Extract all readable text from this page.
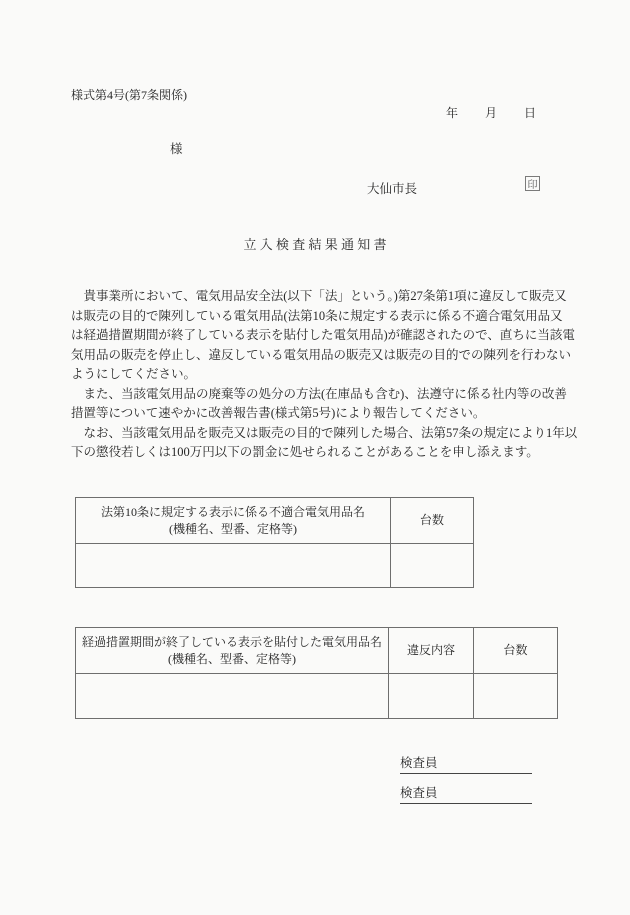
様式第4号(第7条関係)
年 月 日
様
大仙市長	印
立 入 検 査 結 果 通 知 書
　貴事業所において、電気用品安全法(以下「法」という。)第27条第1項に違反して販売又
は販売の目的で陳列している電気用品(法第10条に規定する表示に係る不適合電気用品又
は経過措置期間が終了している表示を貼付した電気用品)が確認されたので、直ちに当該電
気用品の販売を停止し、違反している電気用品の販売又は販売の目的での陳列を行わない
ようにしてください。
　また、当該電気用品の廃棄等の処分の方法(在庫品も含む)、法遵守に係る社内等の改善
措置等について速やかに改善報告書(様式第5号)により報告してください。
　なお、当該電気用品を販売又は販売の目的で陳列した場合、法第57条の規定により1年以
下の懲役若しくは100万円以下の罰金に処せられることがあることを申し添えます。
法第10条に規定する表示に係る不適合電気用品名
(機種名、型番、定格等)	台数

経過措置期間が終了している表示を貼付した電気用品名
(機種名、型番、定格等)	違反内容	台数

検査員
検査員
